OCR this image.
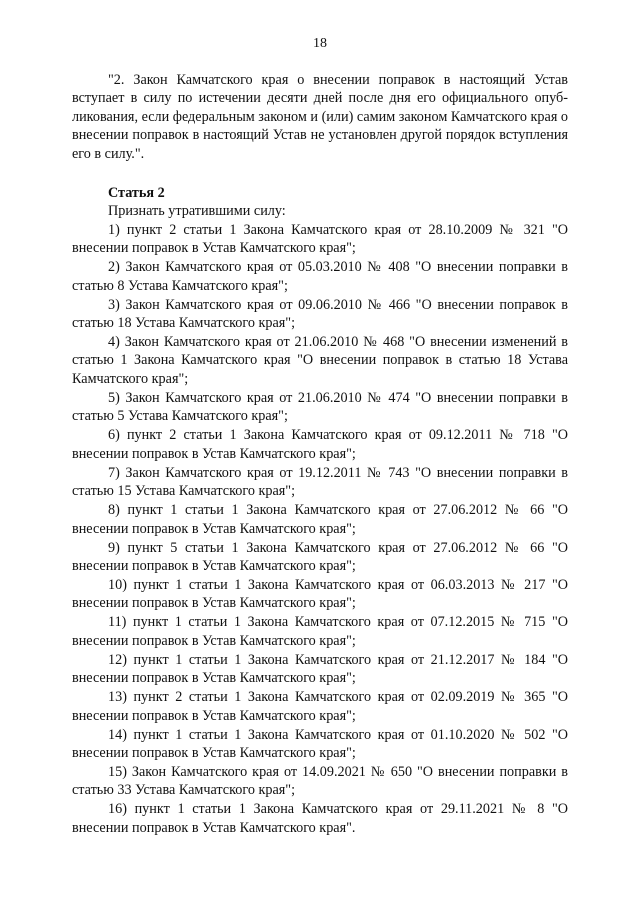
18

"2. Закон Камчатского края о внесении поправок в настоящий Устав вступает в силу по истечении десяти дней после дня его официального опубликования, если федеральным законом и (или) самим законом Камчатского края о внесении поправок в настоящий Устав не установлен другой порядок вступления его в силу.".

Статья 2

Признать утратившими силу:

1) пункт 2 статьи 1 Закона Камчатского края от 28.10.2009 № 321 "О внесении поправок в Устав Камчатского края";

2) Закон Камчатского края от 05.03.2010 № 408 "О внесении поправки в статью 8 Устава Камчатского края";

3) Закон Камчатского края от 09.06.2010 № 466 "О внесении поправок в статью 18 Устава Камчатского края";

4) Закон Камчатского края от 21.06.2010 № 468 "О внесении изменений в статью 1 Закона Камчатского края "О внесении поправок в статью 18 Устава Камчатского края";

5) Закон Камчатского края от 21.06.2010 № 474 "О внесении поправки в статью 5 Устава Камчатского края";

6) пункт 2 статьи 1 Закона Камчатского края от 09.12.2011 № 718 "О внесении поправок в Устав Камчатского края";

7) Закон Камчатского края от 19.12.2011 № 743 "О внесении поправки в статью 15 Устава Камчатского края";

8) пункт 1 статьи 1 Закона Камчатского края от 27.06.2012 № 66 "О внесении поправок в Устав Камчатского края";

9) пункт 5 статьи 1 Закона Камчатского края от 27.06.2012 № 66 "О внесении поправок в Устав Камчатского края";

10) пункт 1 статьи 1 Закона Камчатского края от 06.03.2013 № 217 "О внесении поправок в Устав Камчатского края";

11) пункт 1 статьи 1 Закона Камчатского края от 07.12.2015 № 715 "О внесении поправок в Устав Камчатского края";

12) пункт 1 статьи 1 Закона Камчатского края от 21.12.2017 № 184 "О внесении поправок в Устав Камчатского края";

13) пункт 2 статьи 1 Закона Камчатского края от 02.09.2019 № 365 "О внесении поправок в Устав Камчатского края";

14) пункт 1 статьи 1 Закона Камчатского края от 01.10.2020 № 502 "О внесении поправок в Устав Камчатского края";

15) Закон Камчатского края от 14.09.2021 № 650 "О внесении поправки в статью 33 Устава Камчатского края";

16) пункт 1 статьи 1 Закона Камчатского края от 29.11.2021 № 8 "О внесении поправок в Устав Камчатского края".
